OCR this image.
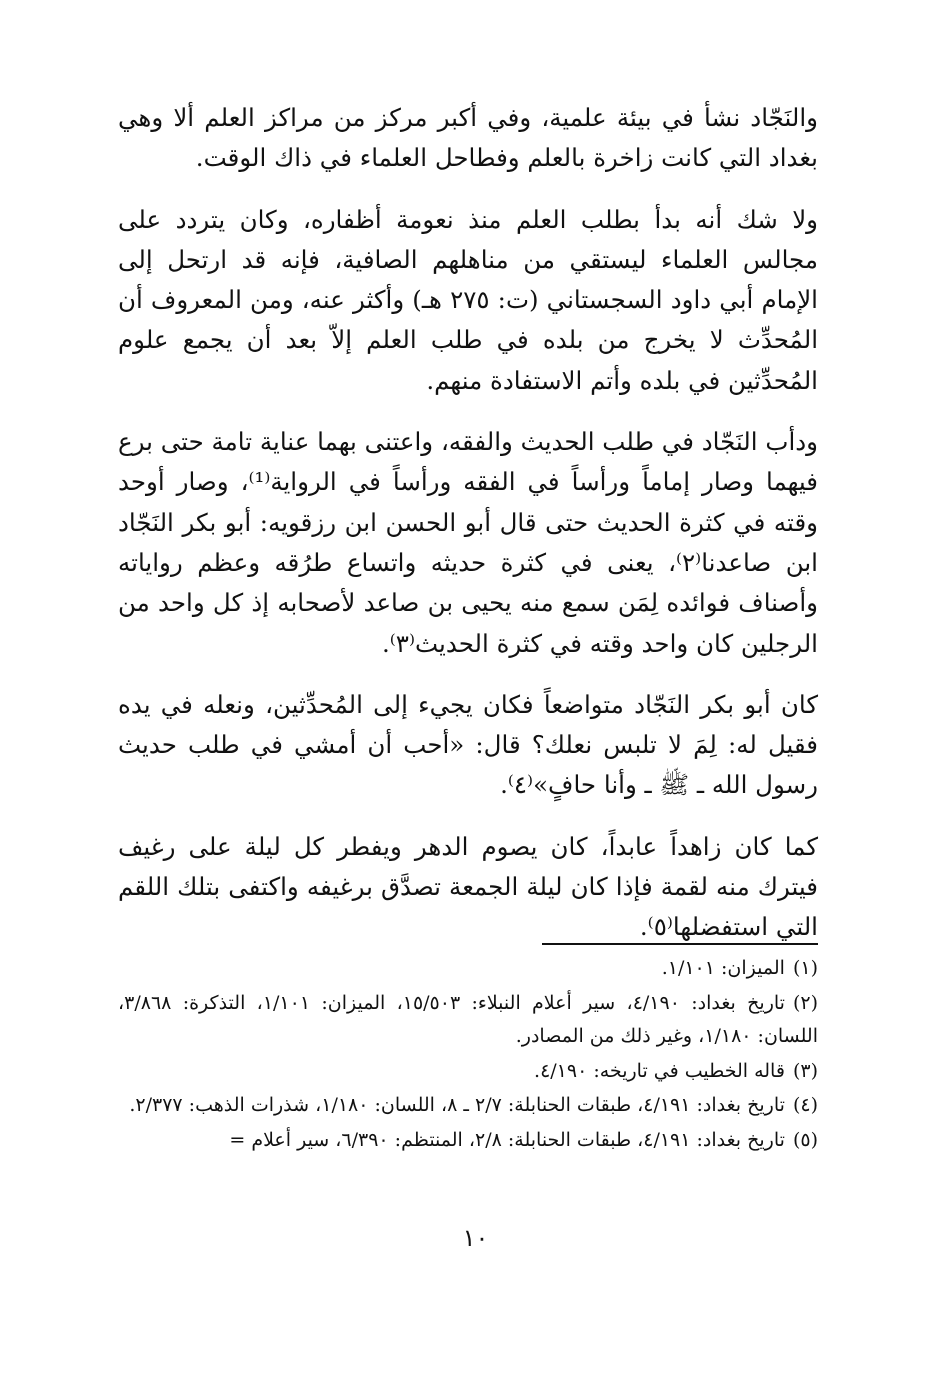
والنَجّاد نشأ في بيئة علمية، وفي أكبر مركز من مراكز العلم ألا وهي بغداد التي كانت زاخرة بالعلم وفطاحل العلماء في ذاك الوقت.

ولا شك أنه بدأ بطلب العلم منذ نعومة أظفاره، وكان يتردد على مجالس العلماء ليستقي من مناهلهم الصافية، فإنه قد ارتحل إلى الإمام أبي داود السجستاني (ت: ٢٧٥ هـ) وأكثر عنه، ومن المعروف أن المُحدِّث لا يخرج من بلده في طلب العلم إلاّ بعد أن يجمع علوم المُحدِّثين في بلده وأتم الاستفادة منهم.

ودأب النَجّاد في طلب الحديث والفقه، واعتنى بهما عناية تامة حتى برع فيهما وصار إماماً ورأساً في الفقه ورأساً في الرواية⁽¹⁾، وصار أوحد وقته في كثرة الحديث حتى قال أبو الحسن ابن رزقويه: أبو بكر النَجّاد ابن صاعدنا⁽٢⁾، يعنى في كثرة حديثه واتساع طرُقه وعظم رواياته وأصناف فوائده لِمَن سمع منه يحيى بن صاعد لأصحابه إذ كل واحد من الرجلين كان واحد وقته في كثرة الحديث⁽٣⁾.

كان أبو بكر النَجّاد متواضعاً فكان يجيء إلى المُحدِّثين، ونعله في يده فقيل له: لِمَ لا تلبس نعلك؟ قال: «أحب أن أمشي في طلب حديث رسول الله ـ ﷺ ـ وأنا حافٍ»⁽٤⁾.

كما كان زاهداً عابداً، كان يصوم الدهر ويفطر كل ليلة على رغيف فيترك منه لقمة فإذا كان ليلة الجمعة تصدَّق برغيفه واكتفى بتلك اللقم التي استفضلها⁽٥⁾.

(١)الميزان: ١/١٠١.

(٢)تاريخ بغداد: ٤/١٩٠، سير أعلام النبلاء: ١٥/٥٠٣، الميزان: ١/١٠١، التذكرة: ٣/٨٦٨، اللسان: ١/١٨٠، وغير ذلك من المصادر.

(٣)قاله الخطيب في تاريخه: ٤/١٩٠.

(٤)تاريخ بغداد: ٤/١٩١، طبقات الحنابلة: ٢/٧ ـ ٨، اللسان: ١/١٨٠، شذرات الذهب: ٢/٣٧٧.

(٥)تاريخ بغداد: ٤/١٩١، طبقات الحنابلة: ٢/٨، المنتظم: ٦/٣٩٠، سير أعلام =

١٠
